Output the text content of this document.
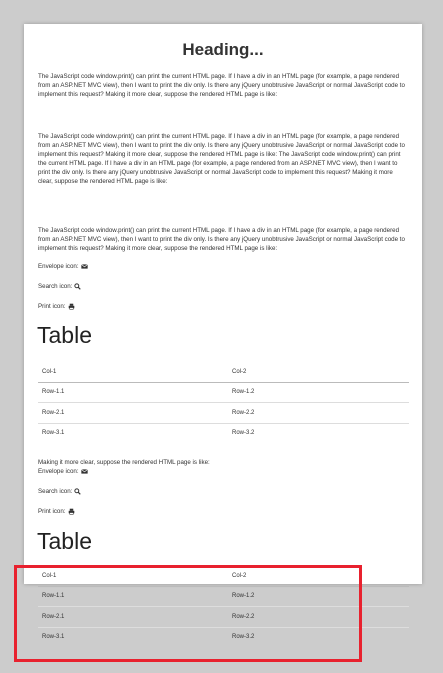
Heading...

The JavaScript code window.print() can print the current HTML page. If I have a div in an HTML page (for example, a page rendered from an ASP.NET MVC view), then I want to print the div only. Is there any jQuery unobtrusive JavaScript or normal JavaScript code to implement this request? Making it more clear, suppose the rendered HTML page is like:

The JavaScript code window.print() can print the current HTML page. If I have a div in an HTML page (for example, a page rendered from an ASP.NET MVC view), then I want to print the div only. Is there any jQuery unobtrusive JavaScript or normal JavaScript code to implement this request? Making it more clear, suppose the rendered HTML page is like: The JavaScript code window.print() can print the current HTML page. If I have a div in an HTML page (for example, a page rendered from an ASP.NET MVC view), then I want to print the div only. Is there any jQuery unobtrusive JavaScript or normal JavaScript code to implement this request? Making it more clear, suppose the rendered HTML page is like:

The JavaScript code window.print() can print the current HTML page. If I have a div in an HTML page (for example, a page rendered from an ASP.NET MVC view), then I want to print the div only. Is there any jQuery unobtrusive JavaScript or normal JavaScript code to implement this request? Making it more clear, suppose the rendered HTML page is like:

Envelope icon:
Search icon:
Print icon:
Table
Col-1	Col-2
Row-1.1	Row-1.2
Row-2.1	Row-2.2
Row-3.1	Row-3.2

Making it more clear, suppose the rendered HTML page is like:

Envelope icon:
Search icon:
Print icon:
Table
Col-1	Col-2
Row-1.1	Row-1.2
Row-2.1	Row-2.2
Row-3.1	Row-3.2
